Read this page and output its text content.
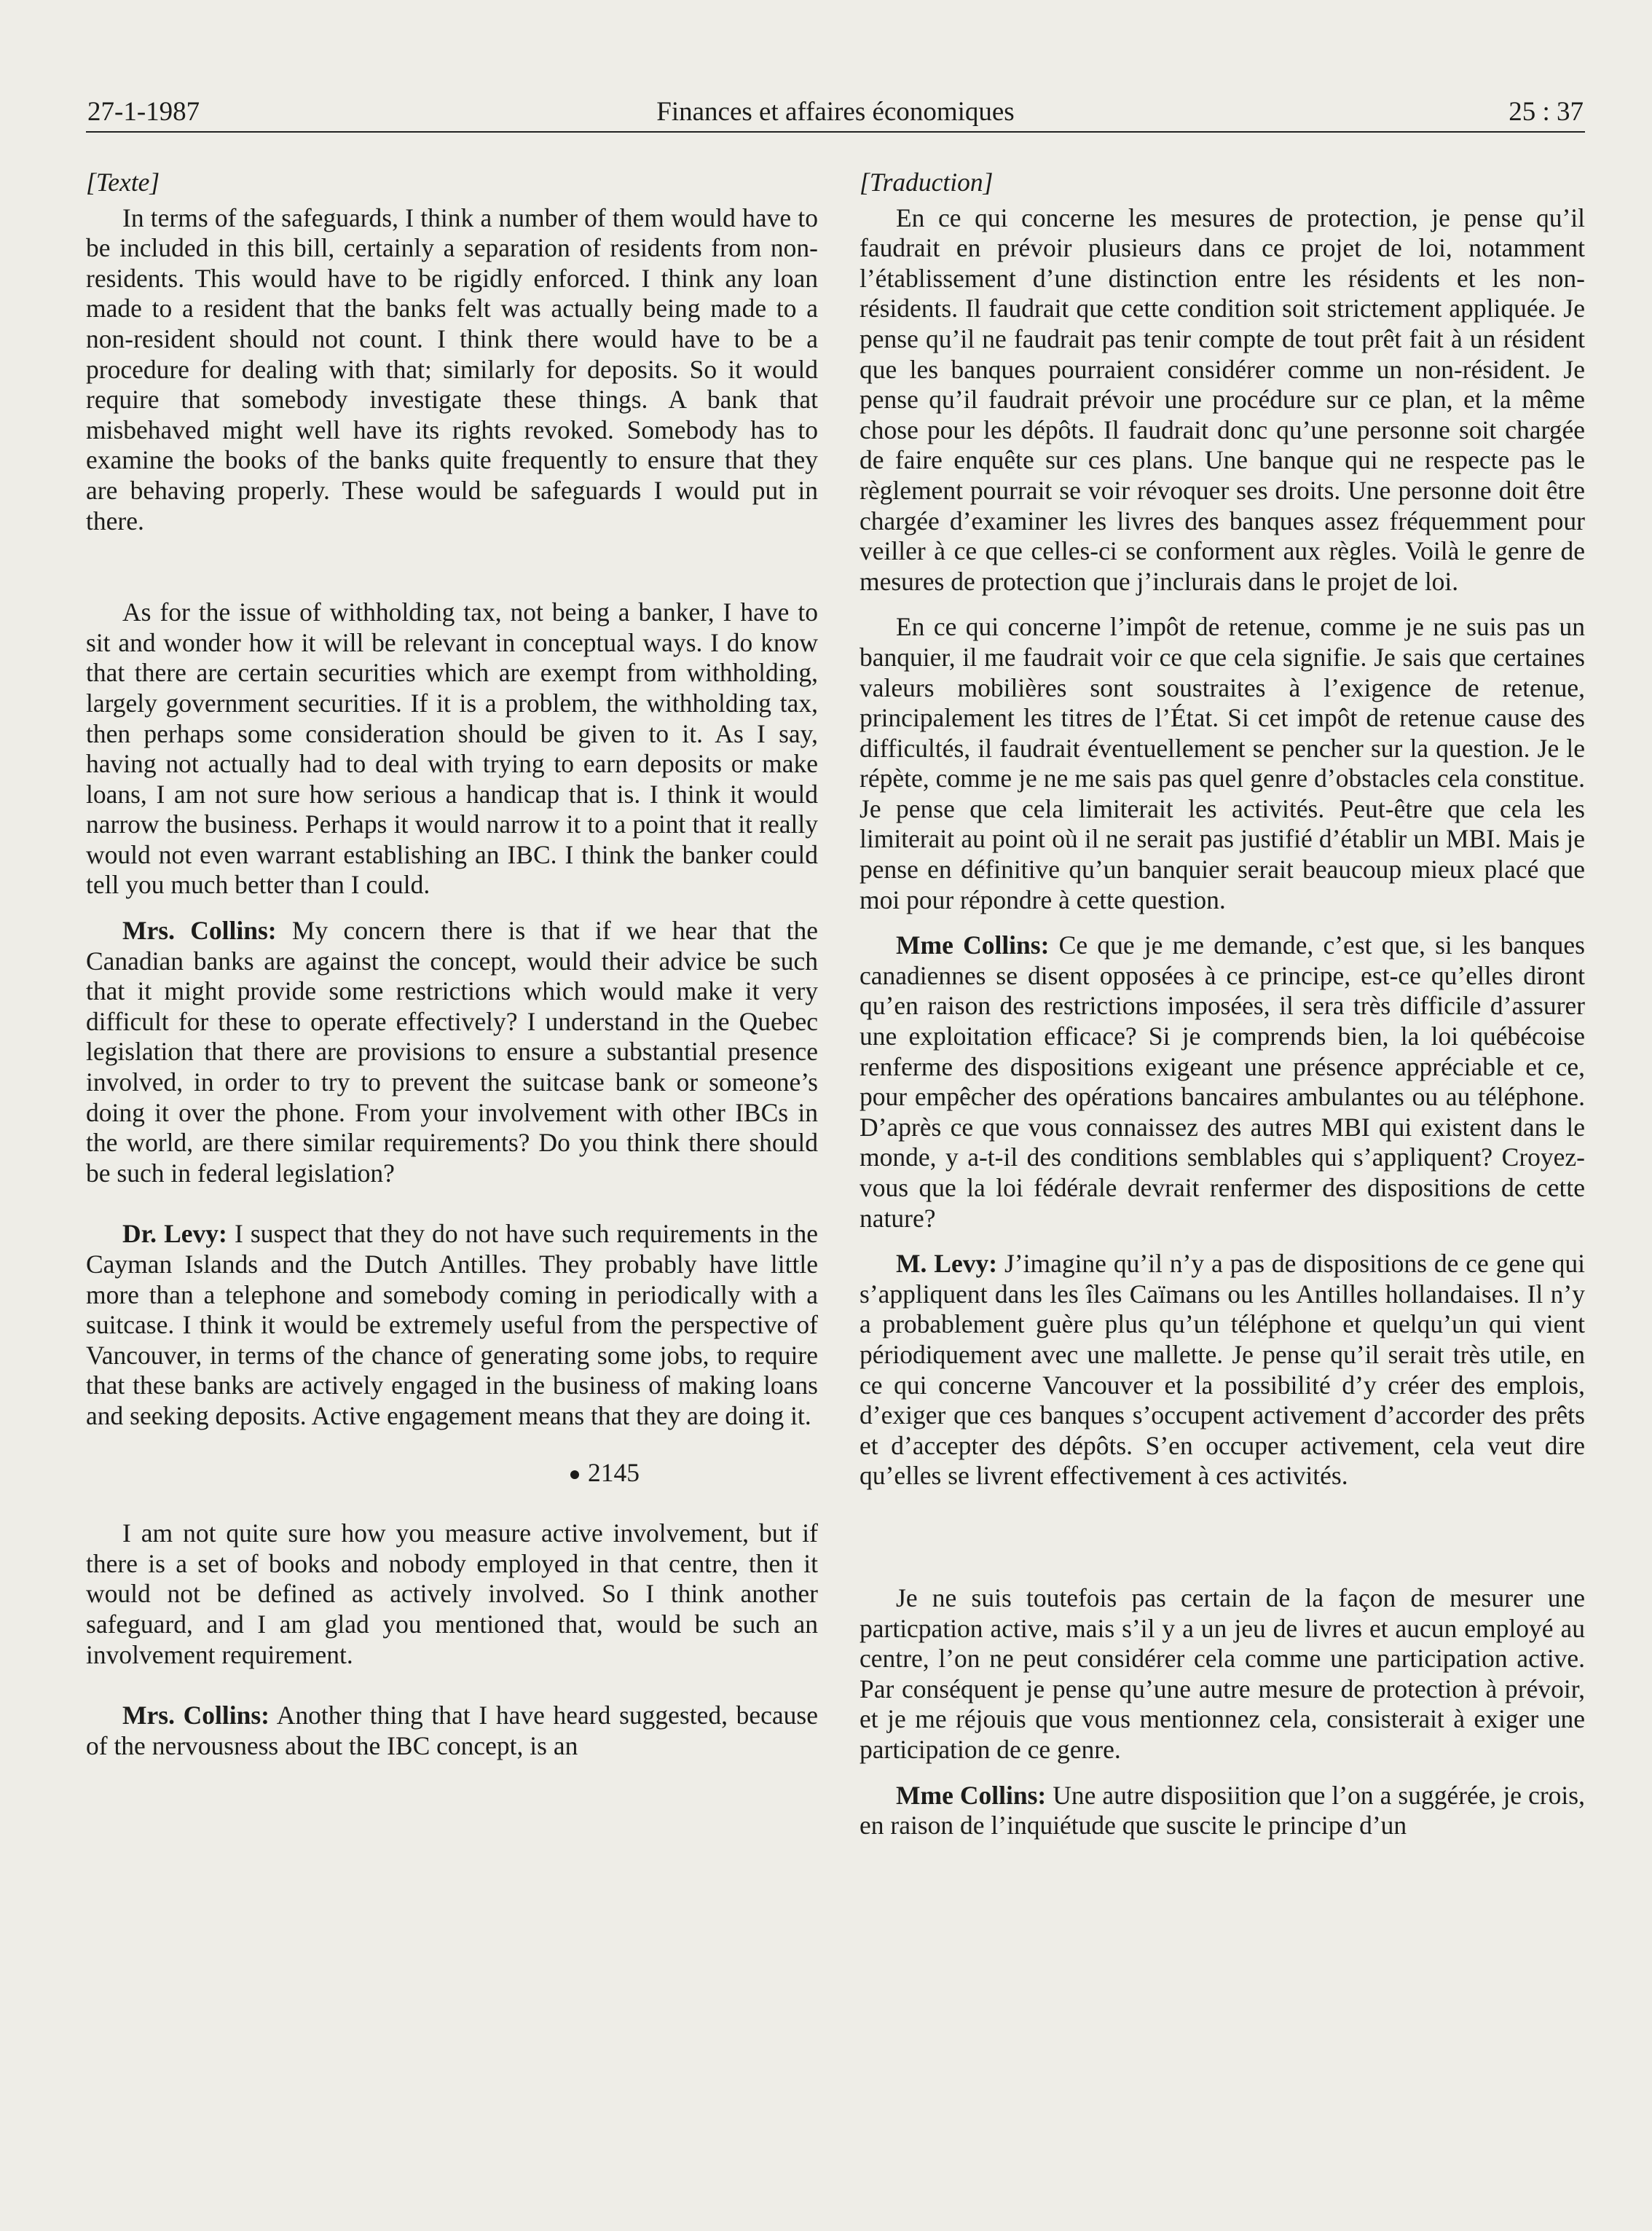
27-1-1987	Finances et affaires économiques	25 : 37
[Texte]

In terms of the safeguards, I think a number of them would have to be included in this bill, certainly a separation of residents from non-residents. This would have to be rigidly enforced. I think any loan made to a resident that the banks felt was actually being made to a non-resident should not count. I think there would have to be a procedure for dealing with that; similarly for deposits. So it would require that somebody investigate these things. A bank that misbehaved might well have its rights revoked. Somebody has to examine the books of the banks quite frequently to ensure that they are behaving properly. These would be safeguards I would put in there.

As for the issue of withholding tax, not being a banker, I have to sit and wonder how it will be relevant in conceptual ways. I do know that there are certain securities which are exempt from withholding, largely government securities. If it is a problem, the withholding tax, then perhaps some consideration should be given to it. As I say, having not actually had to deal with trying to earn deposits or make loans, I am not sure how serious a handicap that is. I think it would narrow the business. Perhaps it would narrow it to a point that it really would not even warrant establishing an IBC. I think the banker could tell you much better than I could.

Mrs. Collins: My concern there is that if we hear that the Canadian banks are against the concept, would their advice be such that it might provide some restrictions which would make it very difficult for these to operate effectively? I understand in the Quebec legislation that there are provisions to ensure a substantial presence involved, in order to try to prevent the suitcase bank or someone’s doing it over the phone. From your involvement with other IBCs in the world, are there similar requirements? Do you think there should be such in federal legislation?

Dr. Levy: I suspect that they do not have such requirements in the Cayman Islands and the Dutch Antilles. They probably have little more than a telephone and somebody coming in periodically with a suitcase. I think it would be extremely useful from the perspective of Vancouver, in terms of the chance of generating some jobs, to require that these banks are actively engaged in the business of making loans and seeking deposits. Active engagement means that they are doing it.

2145

I am not quite sure how you measure active involvement, but if there is a set of books and nobody employed in that centre, then it would not be defined as actively involved. So I think another safeguard, and I am glad you mentioned that, would be such an involvement requirement.

Mrs. Collins: Another thing that I have heard suggested, because of the nervousness about the IBC concept, is an

[Traduction]

En ce qui concerne les mesures de protection, je pense qu’il faudrait en prévoir plusieurs dans ce projet de loi, notamment l’établissement d’une distinction entre les résidents et les non-résidents. Il faudrait que cette condition soit strictement appliquée. Je pense qu’il ne faudrait pas tenir compte de tout prêt fait à un résident que les banques pourraient considérer comme un non-résident. Je pense qu’il faudrait prévoir une procédure sur ce plan, et la même chose pour les dépôts. Il faudrait donc qu’une personne soit chargée de faire enquête sur ces plans. Une banque qui ne respecte pas le règlement pourrait se voir révoquer ses droits. Une personne doit être chargée d’examiner les livres des banques assez fréquemment pour veiller à ce que celles-ci se conforment aux règles. Voilà le genre de mesures de protection que j’inclurais dans le projet de loi.

En ce qui concerne l’impôt de retenue, comme je ne suis pas un banquier, il me faudrait voir ce que cela signifie. Je sais que certaines valeurs mobilières sont soustraites à l’exigence de retenue, principalement les titres de l’État. Si cet impôt de retenue cause des difficultés, il faudrait éventuellement se pencher sur la question. Je le répète, comme je ne me sais pas quel genre d’obstacles cela constitue. Je pense que cela limiterait les activités. Peut-être que cela les limiterait au point où il ne serait pas justifié d’établir un MBI. Mais je pense en définitive qu’un banquier serait beaucoup mieux placé que moi pour répondre à cette question.

Mme Collins: Ce que je me demande, c’est que, si les banques canadiennes se disent opposées à ce principe, est-ce qu’elles diront qu’en raison des restrictions imposées, il sera très difficile d’assurer une exploitation efficace? Si je comprends bien, la loi québécoise renferme des dispositions exigeant une présence appréciable et ce, pour empêcher des opérations bancaires ambulantes ou au téléphone. D’après ce que vous connaissez des autres MBI qui existent dans le monde, y a-t-il des conditions semblables qui s’appliquent? Croyez-vous que la loi fédérale devrait renfermer des dispositions de cette nature?

M. Levy: J’imagine qu’il n’y a pas de dispositions de ce gene qui s’appliquent dans les îles Caïmans ou les Antilles hollandaises. Il n’y a probablement guère plus qu’un téléphone et quelqu’un qui vient périodiquement avec une mallette. Je pense qu’il serait très utile, en ce qui concerne Vancouver et la possibilité d’y créer des emplois, d’exiger que ces banques s’occupent activement d’accorder des prêts et d’accepter des dépôts. S’en occuper activement, cela veut dire qu’elles se livrent effectivement à ces activités.

Je ne suis toutefois pas certain de la façon de mesurer une particpation active, mais s’il y a un jeu de livres et aucun employé au centre, l’on ne peut considérer cela comme une participation active. Par conséquent je pense qu’une autre mesure de protection à prévoir, et je me réjouis que vous mentionnez cela, consisterait à exiger une participation de ce genre.

Mme Collins: Une autre disposiition que l’on a suggérée, je crois, en raison de l’inquiétude que suscite le principe d’un
